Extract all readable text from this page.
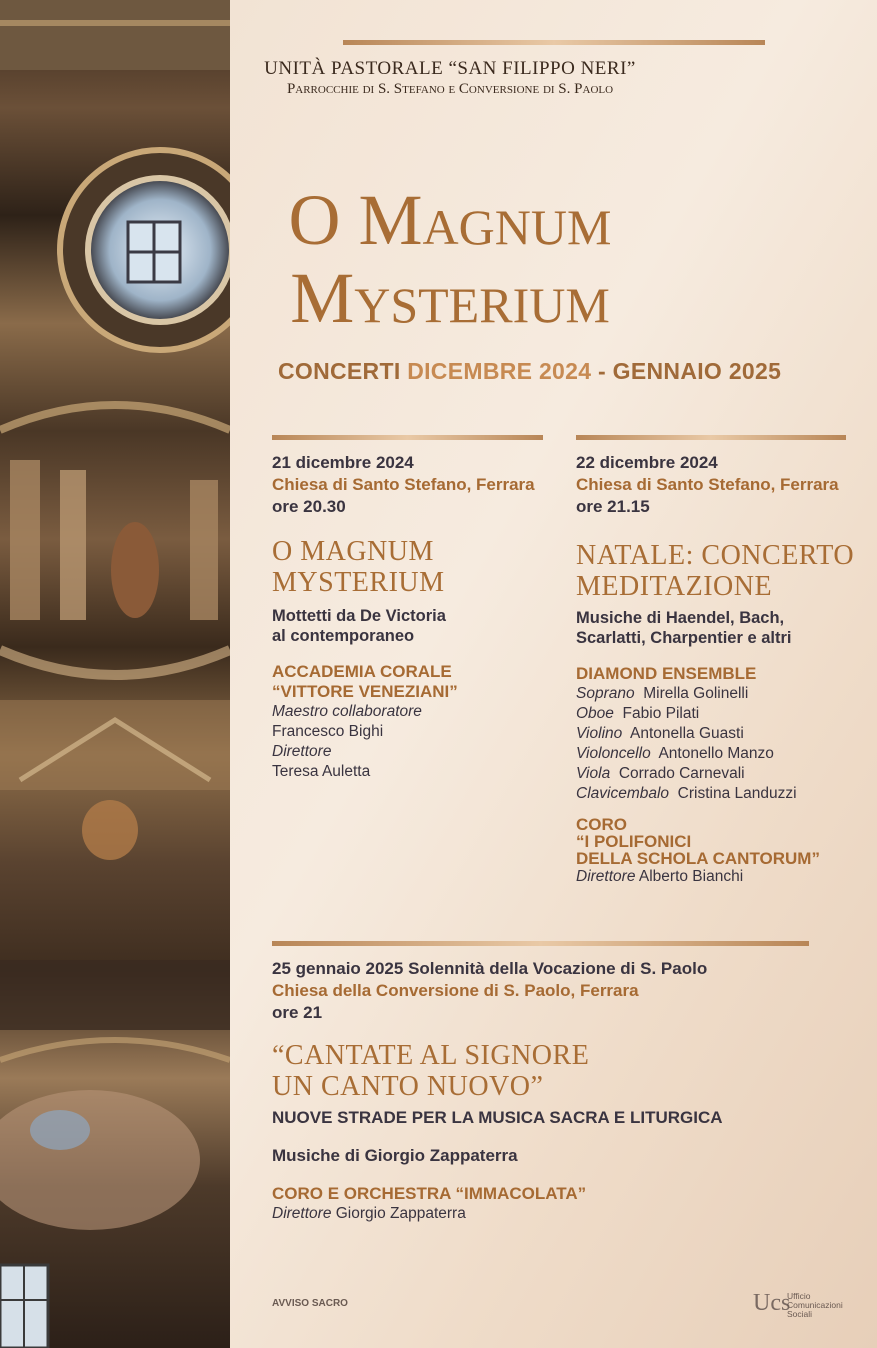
UNITÀ PASTORALE “SAN FILIPPO NERI”
Parrocchie di S. Stefano e Conversione di S. Paolo
O Magnum
Mysterium
CONCERTI DICEMBRE 2024 - GENNAIO 2025
21 dicembre 2024
Chiesa di Santo Stefano, Ferrara
ore 20.30
O MAGNUM
MYSTERIUM
Mottetti da De Victoria
al contemporaneo
ACCADEMIA CORALE
“VITTORE VENEZIANI”
Maestro collaboratore
Francesco Bighi
Direttore
Teresa Auletta
22 dicembre 2024
Chiesa di Santo Stefano, Ferrara
ore 21.15
NATALE: CONCERTO
MEDITAZIONE
Musiche di Haendel, Bach,
Scarlatti, Charpentier e altri
DIAMOND ENSEMBLE
Soprano Mirella Golinelli
Oboe Fabio Pilati
Violino Antonella Guasti
Violoncello Antonello Manzo
Viola Corrado Carnevali
Clavicembalo Cristina Landuzzi
CORO
“I POLIFONICI
DELLA SCHOLA CANTORUM”
Direttore Alberto Bianchi
25 gennaio 2025 Solennità della Vocazione di S. Paolo
Chiesa della Conversione di S. Paolo, Ferrara
ore 21
“CANTATE AL SIGNORE
UN CANTO NUOVO”
NUOVE STRADE PER LA MUSICA SACRA E LITURGICA
Musiche di Giorgio Zappaterra
CORO E ORCHESTRA “IMMACOLATA”
Direttore Giorgio Zappaterra
AVVISO SACRO	Ucs
Ufficio
Comunicazioni
Sociali
